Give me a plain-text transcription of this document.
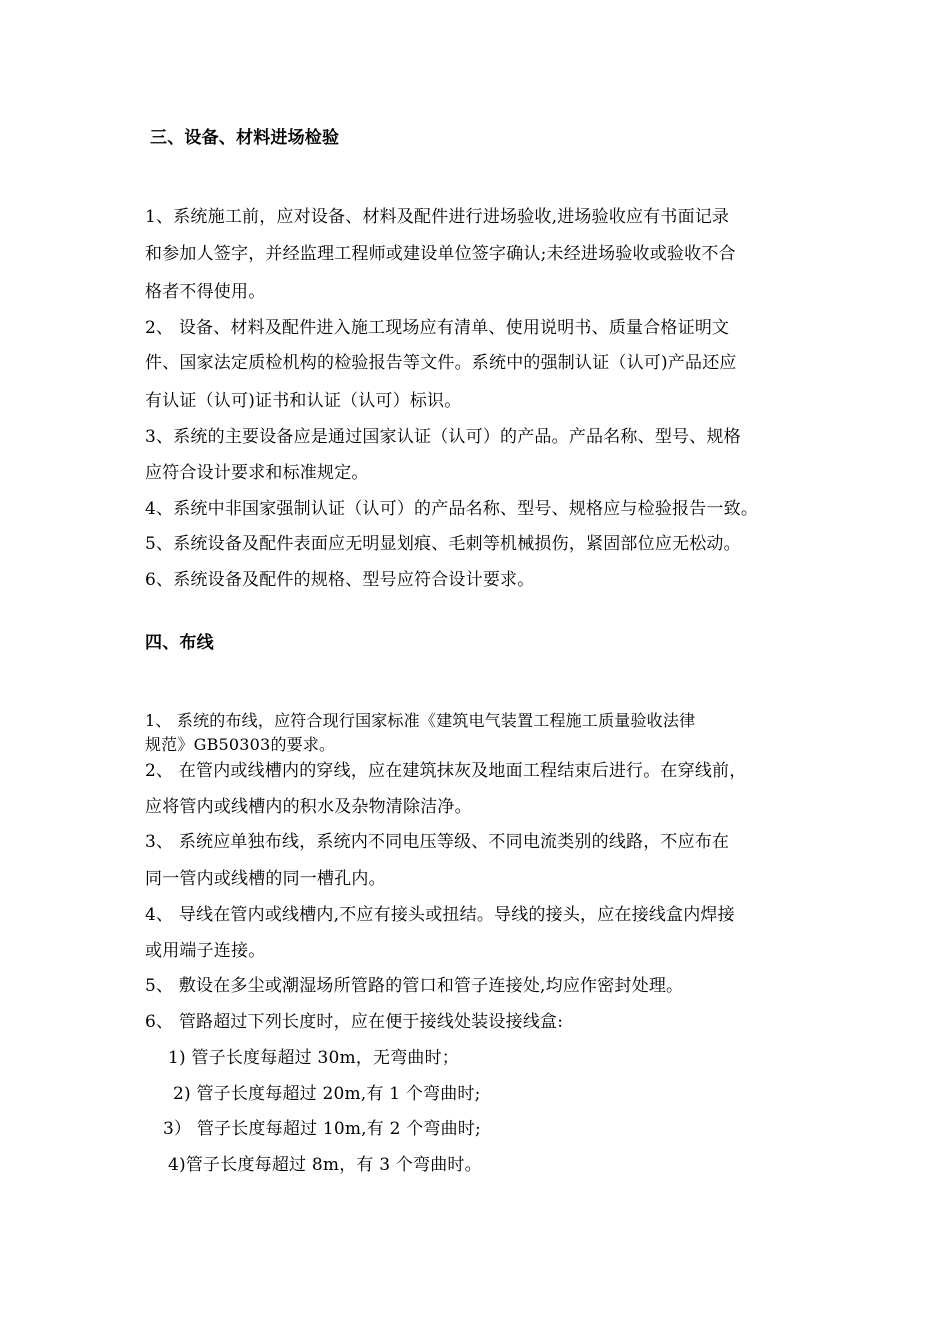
三、设备、材料进场检验
1、系统施工前，应对设备、材料及配件进行进场验收,进场验收应有书面记录
和参加人签字，并经监理工程师或建设单位签字确认;未经进场验收或验收不合
格者不得使用。
2、 设备、材料及配件进入施工现场应有清单、使用说明书、质量合格证明文
件、国家法定质检机构的检验报告等文件。系统中的强制认证（认可)产品还应
有认证（认可)证书和认证（认可）标识。
3、系统的主要设备应是通过国家认证（认可）的产品。产品名称、型号、规格
应符合设计要求和标准规定。
4、系统中非国家强制认证（认可）的产品名称、型号、规格应与检验报告一致。
5、系统设备及配件表面应无明显划痕、毛刺等机械损伤，紧固部位应无松动。
6、系统设备及配件的规格、型号应符合设计要求。
四、布线
1、 系统的布线，应符合现行国家标准《建筑电气装置工程施工质量验收法律
规范》GB50303的要求。
2、 在管内或线槽内的穿线，应在建筑抹灰及地面工程结束后进行。在穿线前，
应将管内或线槽内的积水及杂物清除洁净。
3、 系统应单独布线，系统内不同电压等级、不同电流类别的线路，不应布在
同一管内或线槽的同一槽孔内。
4、 导线在管内或线槽内,不应有接头或扭结。导线的接头，应在接线盒内焊接
或用端子连接。
5、 敷设在多尘或潮湿场所管路的管口和管子连接处,均应作密封处理。
6、 管路超过下列长度时，应在便于接线处装设接线盒:
1) 管子长度每超过 30m，无弯曲时；
2) 管子长度每超过 20m,有 1 个弯曲时;
3） 管子长度每超过 10m,有 2 个弯曲时;
4)管子长度每超过 8m，有 3 个弯曲时。
